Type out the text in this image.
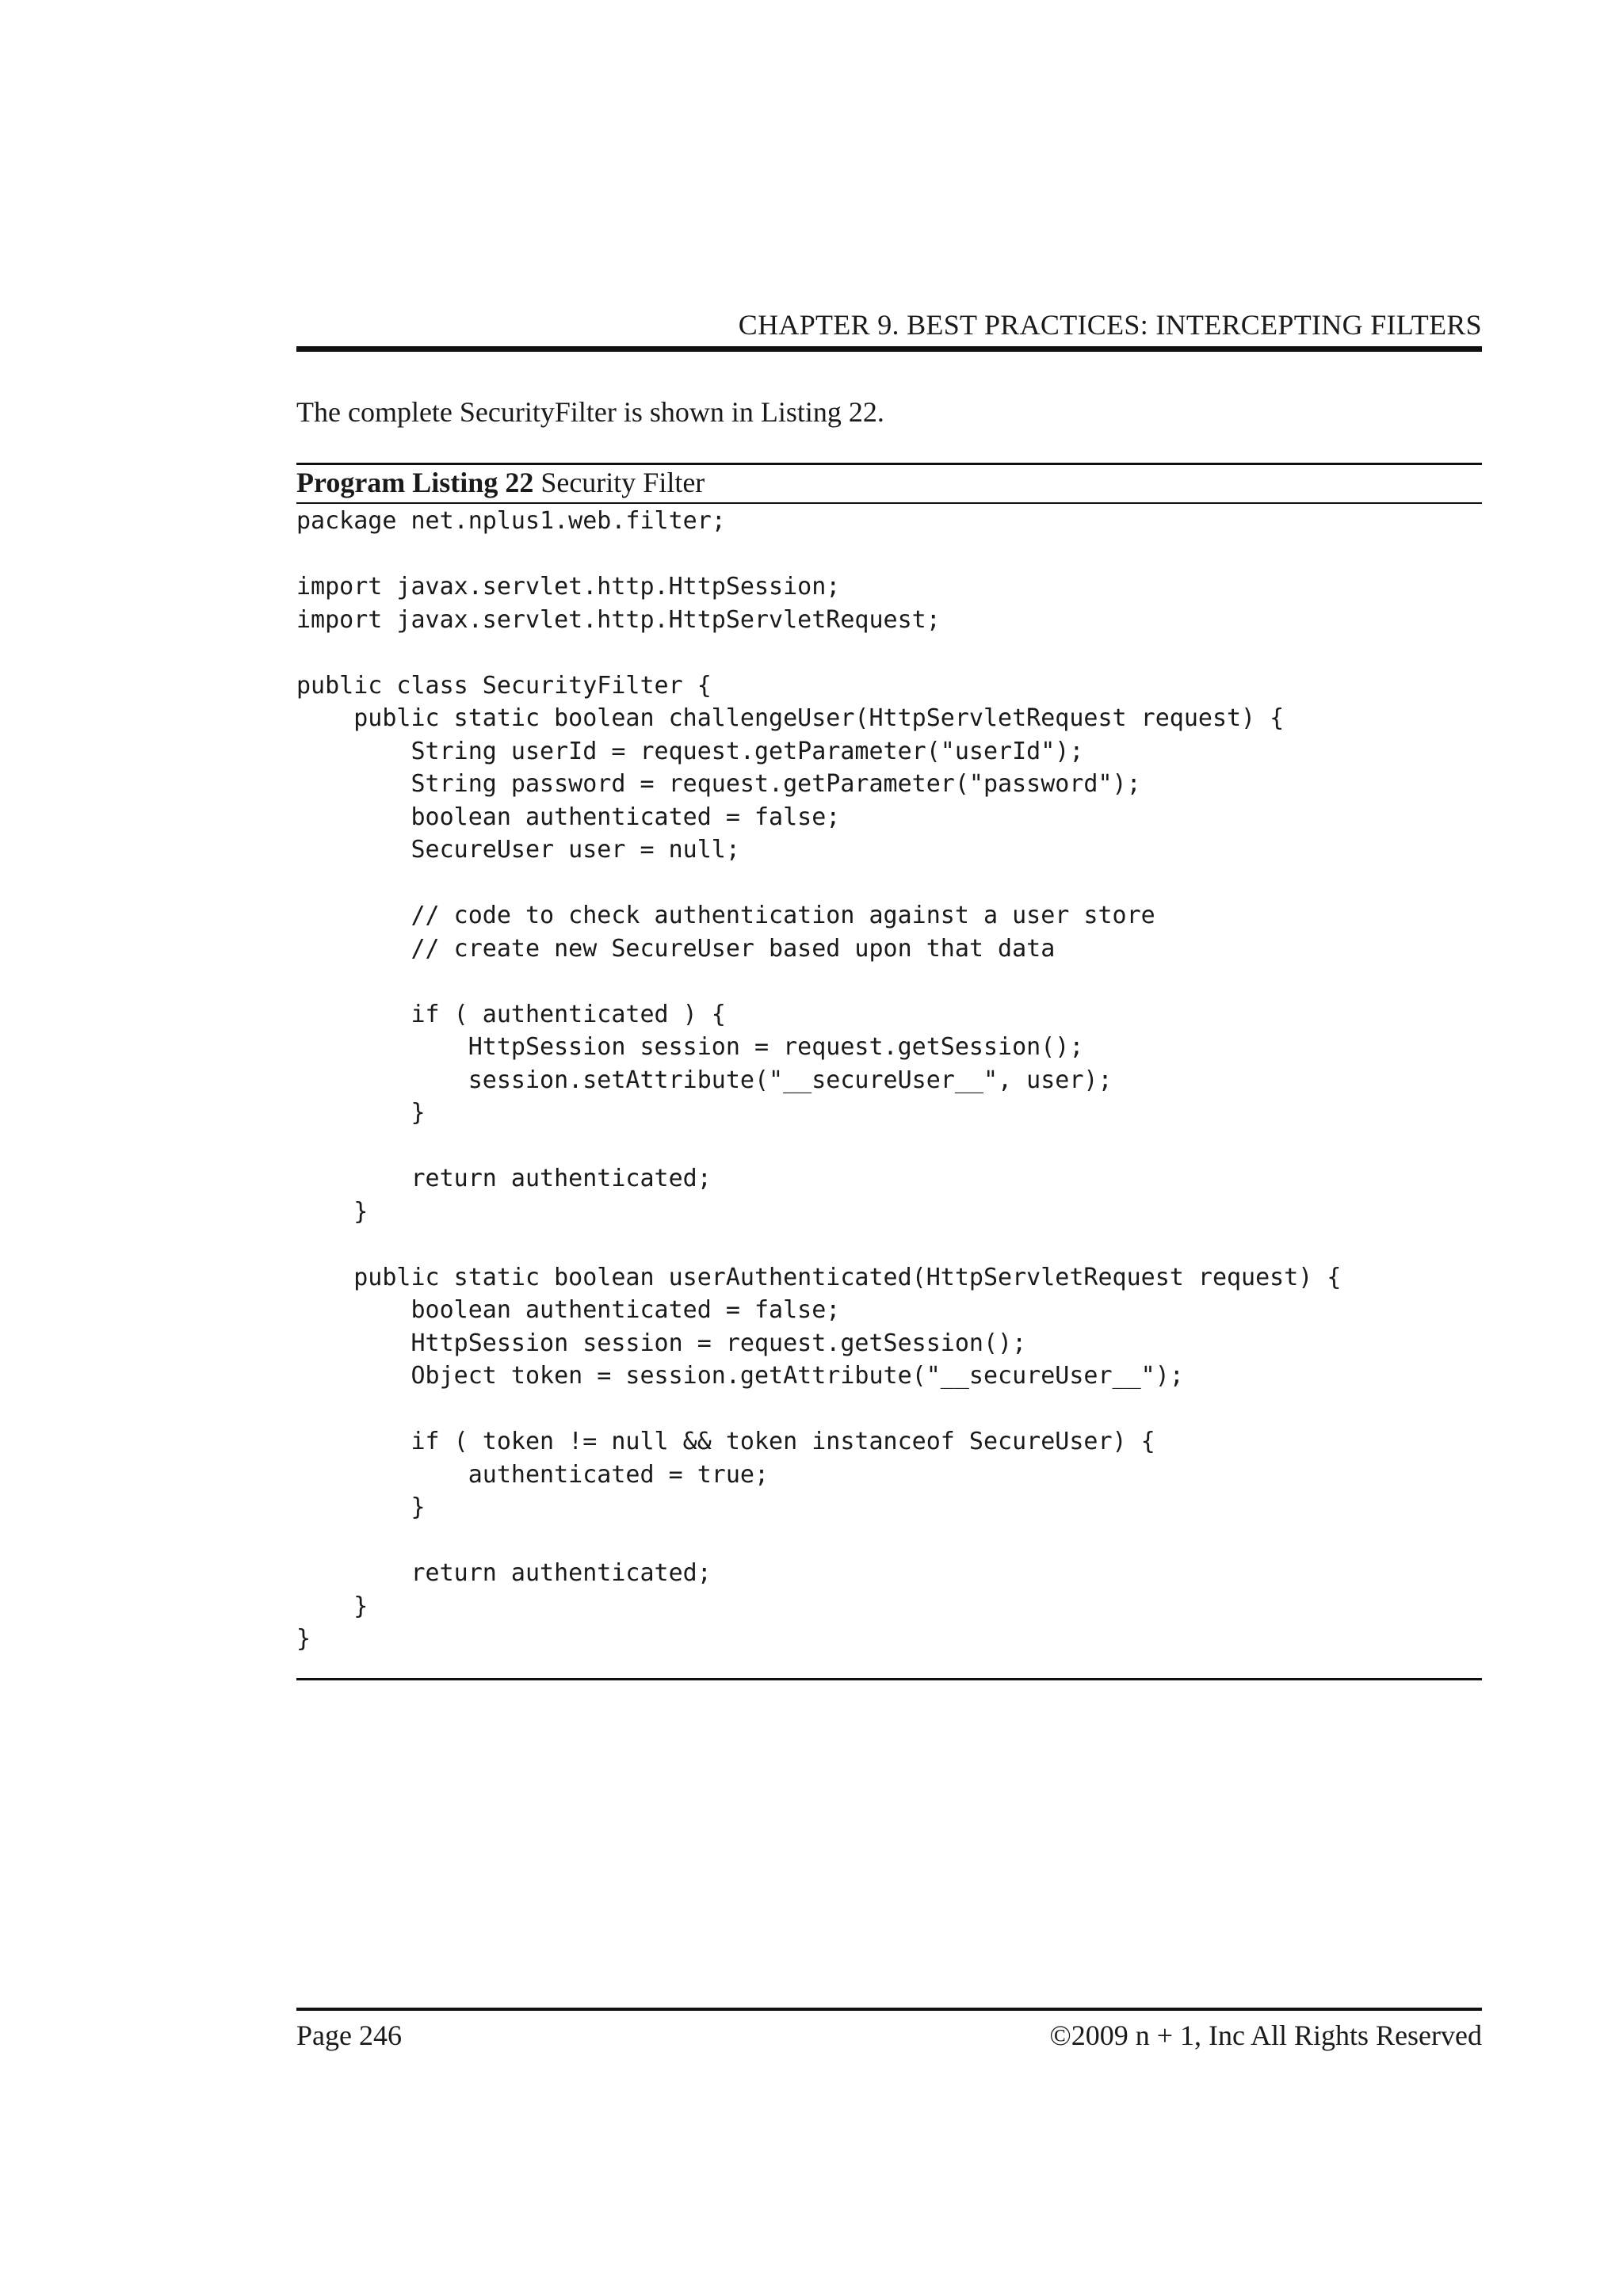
CHAPTER 9. BEST PRACTICES: INTERCEPTING FILTERS
The complete SecurityFilter is shown in Listing 22.
Program Listing 22 Security Filter
package net.nplus1.web.filter;
import javax.servlet.http.HttpSession;
import javax.servlet.http.HttpServletRequest;
public class SecurityFilter {
public static boolean challengeUser(HttpServletRequest request) {
String userId = request.getParameter("userId");
String password = request.getParameter("password");
boolean authenticated = false;
SecureUser user = null;
// code to check authentication against a user store
// create new SecureUser based upon that data
if ( authenticated ) {
HttpSession session = request.getSession();
session.setAttribute("__secureUser__", user);
}
return authenticated;
}
public static boolean userAuthenticated(HttpServletRequest request) {
boolean authenticated = false;
HttpSession session = request.getSession();
Object token = session.getAttribute("__secureUser__");
if ( token != null && token instanceof SecureUser) {
authenticated = true;
}
return authenticated;
}
}
Page 246	©2009 n + 1, Inc All Rights Reserved
